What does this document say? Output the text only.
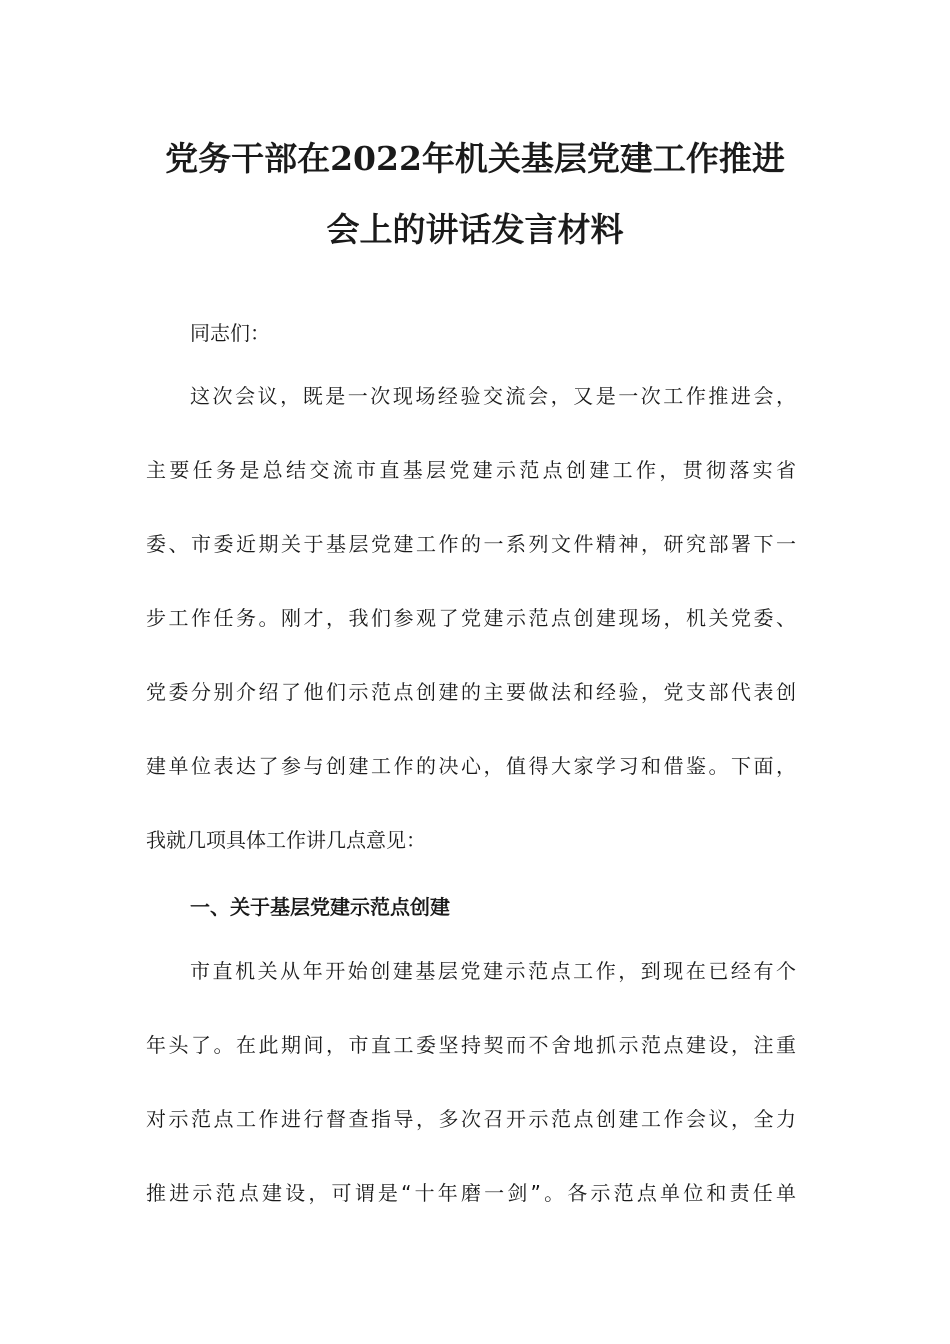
党务干部在2022年机关基层党建工作推进
会上的讲话发言材料

同志们：

这次会议，既是一次现场经验交流会，又是一次工作推进会，

主要任务是总结交流市直基层党建示范点创建工作，贯彻落实省

委、市委近期关于基层党建工作的一系列文件精神，研究部署下一

步工作任务。刚才，我们参观了党建示范点创建现场，机关党委、

党委分别介绍了他们示范点创建的主要做法和经验，党支部代表创

建单位表达了参与创建工作的决心，值得大家学习和借鉴。下面，

我就几项具体工作讲几点意见：

一、关于基层党建示范点创建

市直机关从年开始创建基层党建示范点工作，到现在已经有个

年头了。在此期间，市直工委坚持契而不舍地抓示范点建设，注重

对示范点工作进行督查指导，多次召开示范点创建工作会议，全力

推进示范点建设，可谓是“十年磨一剑”。各示范点单位和责任单
